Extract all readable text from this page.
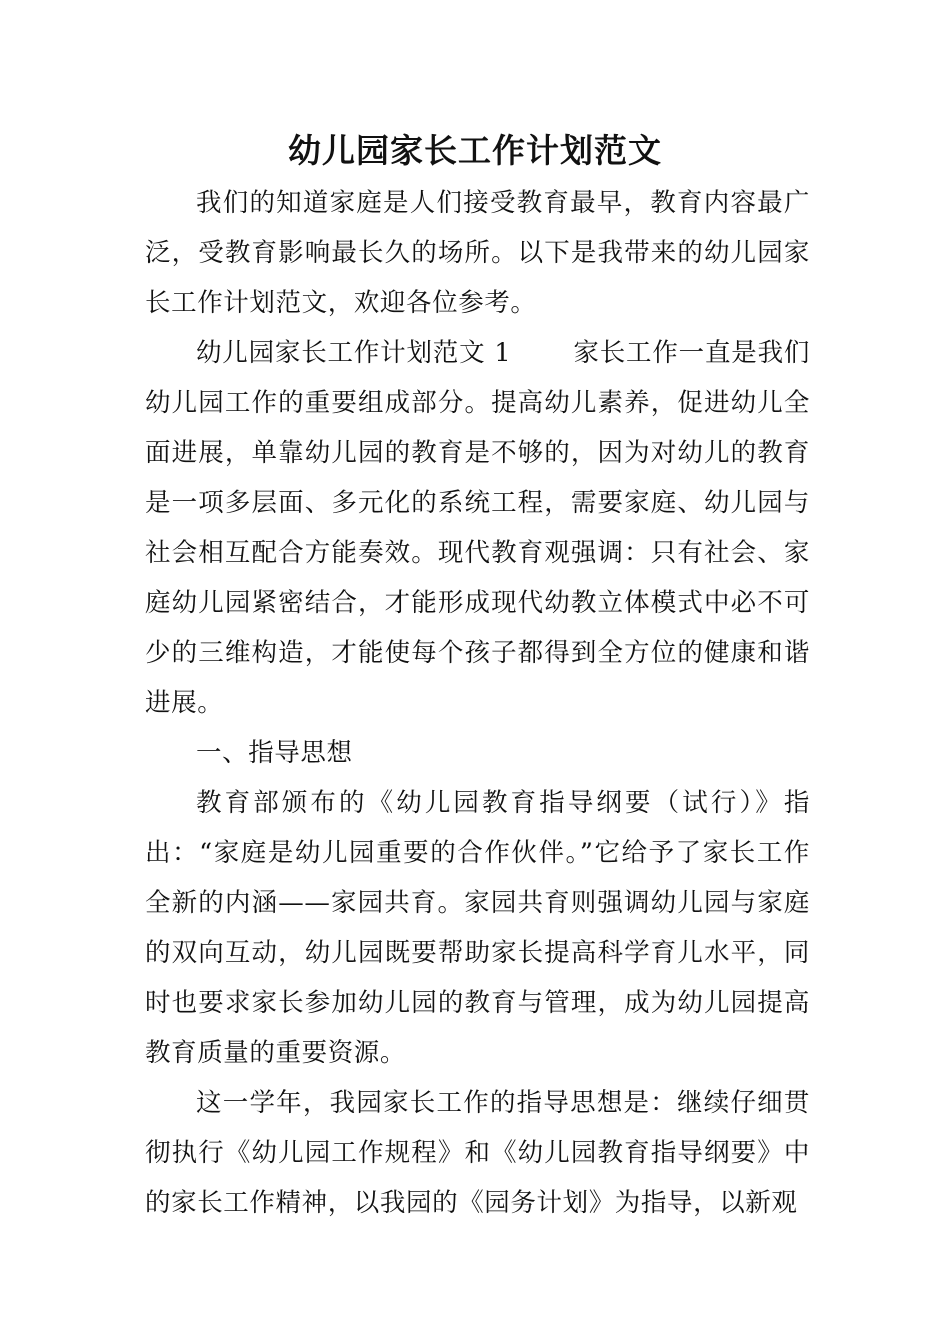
幼儿园家长工作计划范文

我们的知道家庭是人们接受教育最早，教育内容最广泛，受教育影响最长久的场所。以下是我带来的幼儿园家长工作计划范文，欢迎各位参考。

幼儿园家长工作计划范文 1 家长工作一直是我们幼儿园工作的重要组成部分。提高幼儿素养，促进幼儿全面进展，单靠幼儿园的教育是不够的，因为对幼儿的教育是一项多层面、多元化的系统工程，需要家庭、幼儿园与社会相互配合方能奏效。现代教育观强调：只有社会、家庭幼儿园紧密结合，才能形成现代幼教立体模式中必不可少的三维构造，才能使每个孩子都得到全方位的健康和谐进展。

一、指导思想

教育部颁布的《幼儿园教育指导纲要（试行）》指出：“家庭是幼儿园重要的合作伙伴。”它给予了家长工作全新的内涵——家园共育。家园共育则强调幼儿园与家庭的双向互动，幼儿园既要帮助家长提高科学育儿水平，同时也要求家长参加幼儿园的教育与管理，成为幼儿园提高教育质量的重要资源。

这一学年，我园家长工作的指导思想是：继续仔细贯彻执行《幼儿园工作规程》和《幼儿园教育指导纲要》中的家长工作精神，以我园的《园务计划》为指导，以新观
